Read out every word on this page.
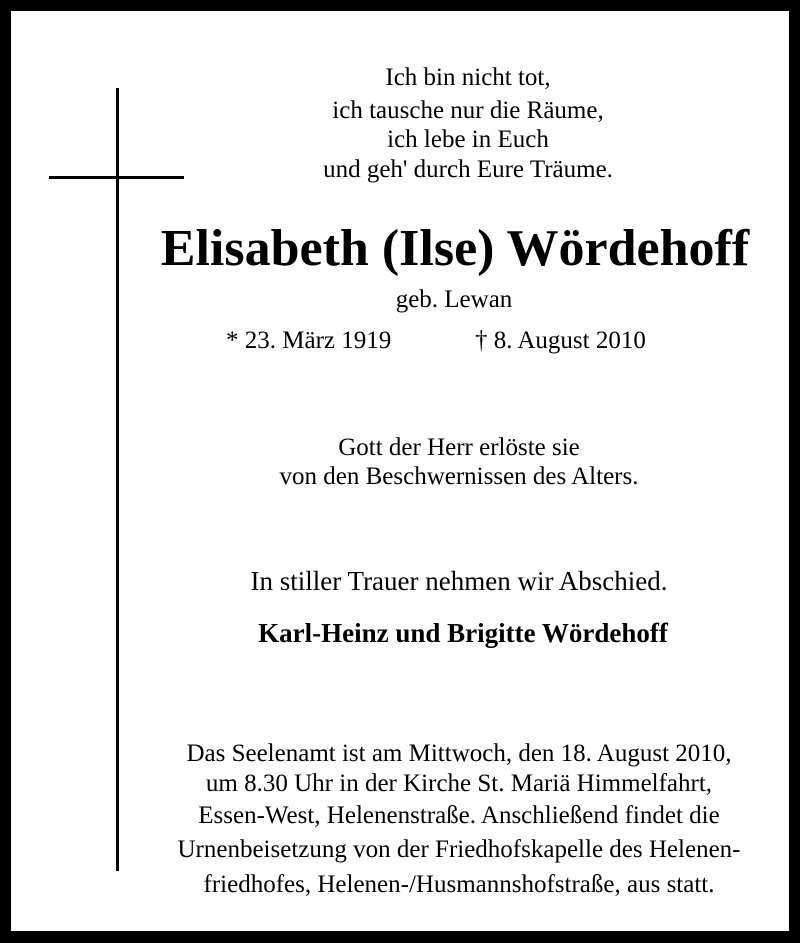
Ich bin nicht tot,
ich tausche nur die Räume,
ich lebe in Euch
und geh' durch Eure Träume.
Elisabeth (Ilse) Wördehoff
geb. Lewan
* 23. März 1919	† 8. August 2010
Gott der Herr erlöste sie
von den Beschwernissen des Alters.
In stiller Trauer nehmen wir Abschied.
Karl-Heinz und Brigitte Wördehoff
Das Seelenamt ist am Mittwoch, den 18. August 2010,
um 8.30 Uhr in der Kirche St. Mariä Himmelfahrt,
Essen-West, Helenenstraße. Anschließend findet die
Urnenbeisetzung von der Friedhofskapelle des Helenen-
friedhofes, Helenen-/Husmannshofstraße, aus statt.
